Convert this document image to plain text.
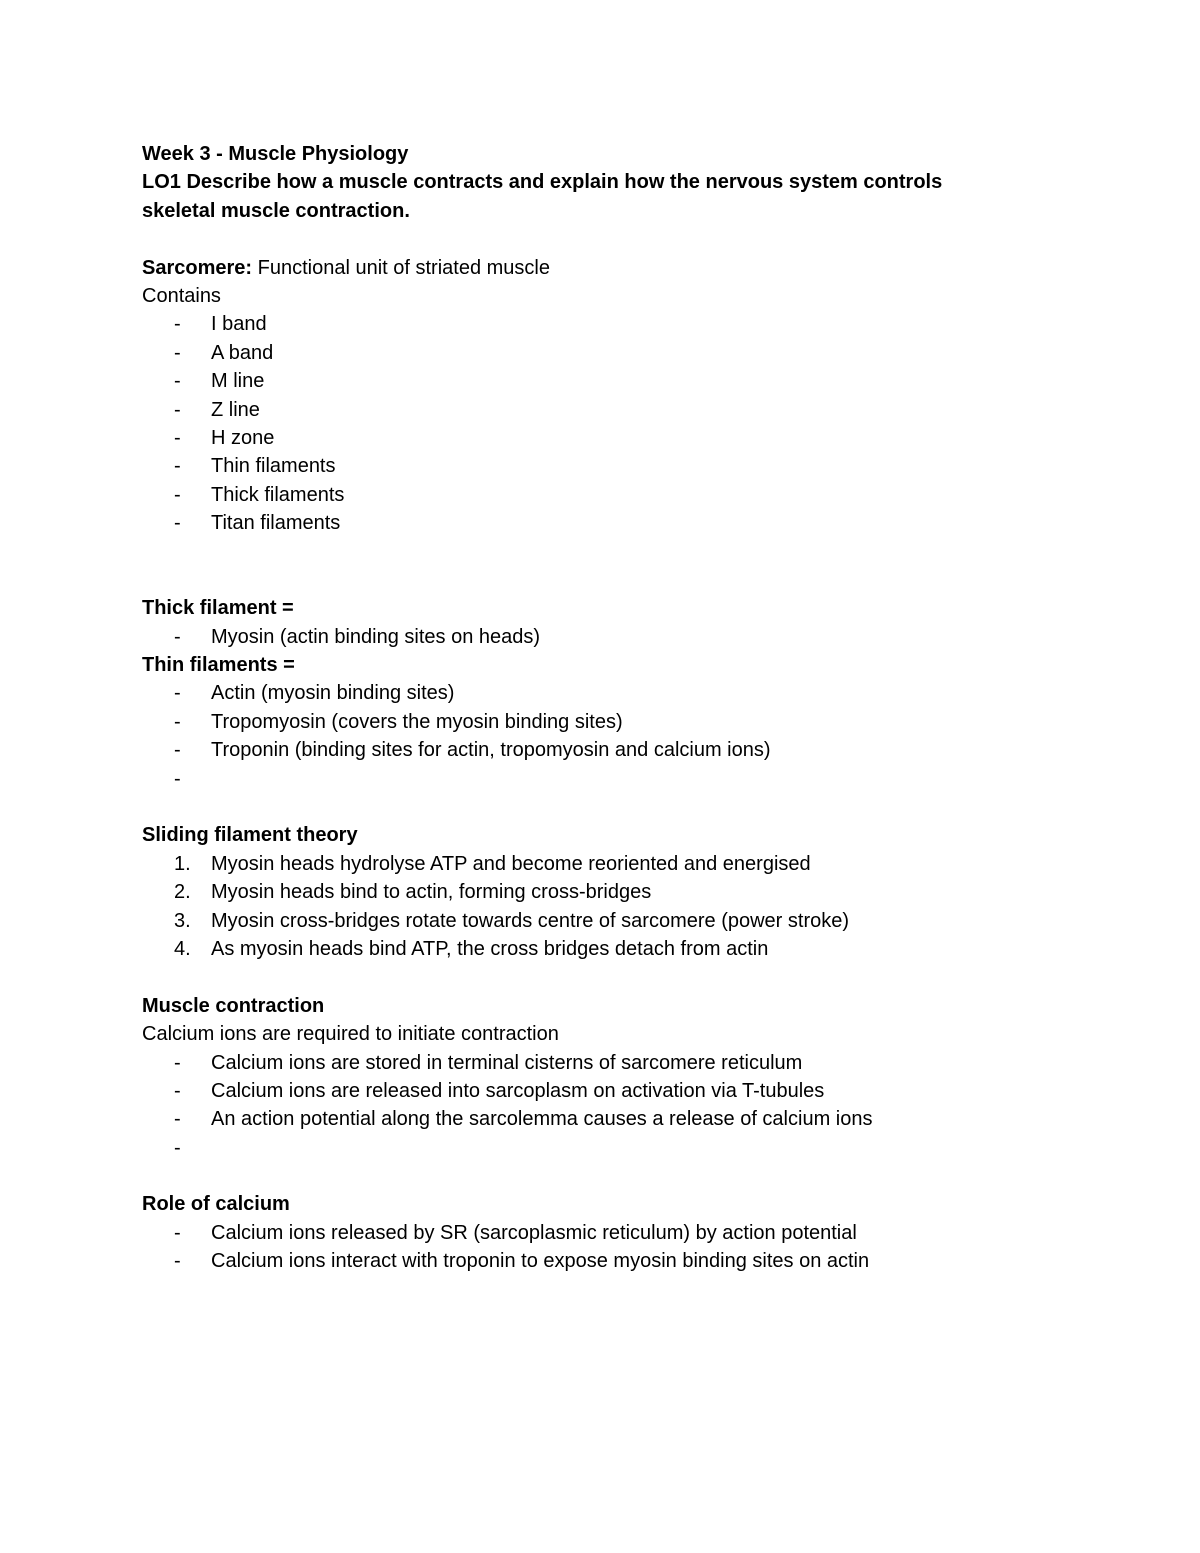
Week 3 - Muscle Physiology
LO1 Describe how a muscle contracts and explain how the nervous system controls
skeletal muscle contraction.
Sarcomere: Functional unit of striated muscle
Contains
-	I band
-	A band
-	M line
-	Z line
-	H zone
-	Thin filaments
-	Thick filaments
-	Titan filaments
Thick filament =
-	Myosin (actin binding sites on heads)
Thin filaments =
-	Actin (myosin binding sites)
-	Tropomyosin (covers the myosin binding sites)
-	Troponin (binding sites for actin, tropomyosin and calcium ions)
-
Sliding filament theory
1.	Myosin heads hydrolyse ATP and become reoriented and energised
2.	Myosin heads bind to actin, forming cross-bridges
3.	Myosin cross-bridges rotate towards centre of sarcomere (power stroke)
4.	As myosin heads bind ATP, the cross bridges detach from actin
Muscle contraction
Calcium ions are required to initiate contraction
-	Calcium ions are stored in terminal cisterns of sarcomere reticulum
-	Calcium ions are released into sarcoplasm on activation via T-tubules
-	An action potential along the sarcolemma causes a release of calcium ions
-
Role of calcium
-	Calcium ions released by SR (sarcoplasmic reticulum) by action potential
-	Calcium ions interact with troponin to expose myosin binding sites on actin
